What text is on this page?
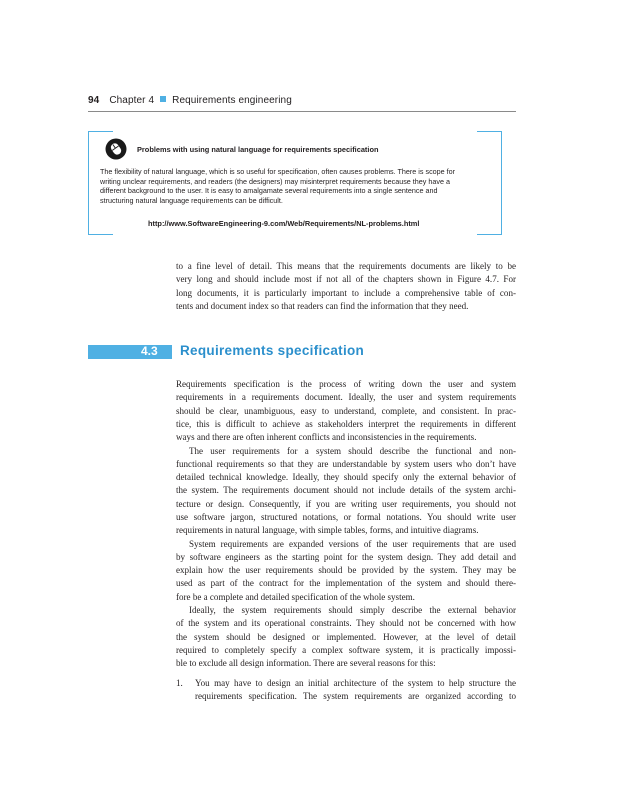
94 Chapter 4 Requirements engineering
Problems with using natural language for requirements specification
The flexibility of natural language, which is so useful for specification, often causes problems. There is scope for
writing unclear requirements, and readers (the designers) may misinterpret requirements because they have a
different background to the user. It is easy to amalgamate several requirements into a single sentence and
structuring natural language requirements can be difficult.
http://www.SoftwareEngineering-9.com/Web/Requirements/NL-problems.html
to a fine level of detail. This means that the requirements documents are likely to be
very long and should include most if not all of the chapters shown in Figure 4.7. For
long documents, it is particularly important to include a comprehensive table of con-
tents and document index so that readers can find the information that they need.
4.3 Requirements specification
Requirements specification is the process of writing down the user and system
requirements in a requirements document. Ideally, the user and system requirements
should be clear, unambiguous, easy to understand, complete, and consistent. In prac-
tice, this is difficult to achieve as stakeholders interpret the requirements in different
ways and there are often inherent conflicts and inconsistencies in the requirements.
The user requirements for a system should describe the functional and non-
functional requirements so that they are understandable by system users who don’t have
detailed technical knowledge. Ideally, they should specify only the external behavior of
the system. The requirements document should not include details of the system archi-
tecture or design. Consequently, if you are writing user requirements, you should not
use software jargon, structured notations, or formal notations. You should write user
requirements in natural language, with simple tables, forms, and intuitive diagrams.
System requirements are expanded versions of the user requirements that are used
by software engineers as the starting point for the system design. They add detail and
explain how the user requirements should be provided by the system. They may be
used as part of the contract for the implementation of the system and should there-
fore be a complete and detailed specification of the whole system.
Ideally, the system requirements should simply describe the external behavior
of the system and its operational constraints. They should not be concerned with how
the system should be designed or implemented. However, at the level of detail
required to completely specify a complex software system, it is practically impossi-
ble to exclude all design information. There are several reasons for this:
1. You may have to design an initial architecture of the system to help structure the
requirements specification. The system requirements are organized according to
